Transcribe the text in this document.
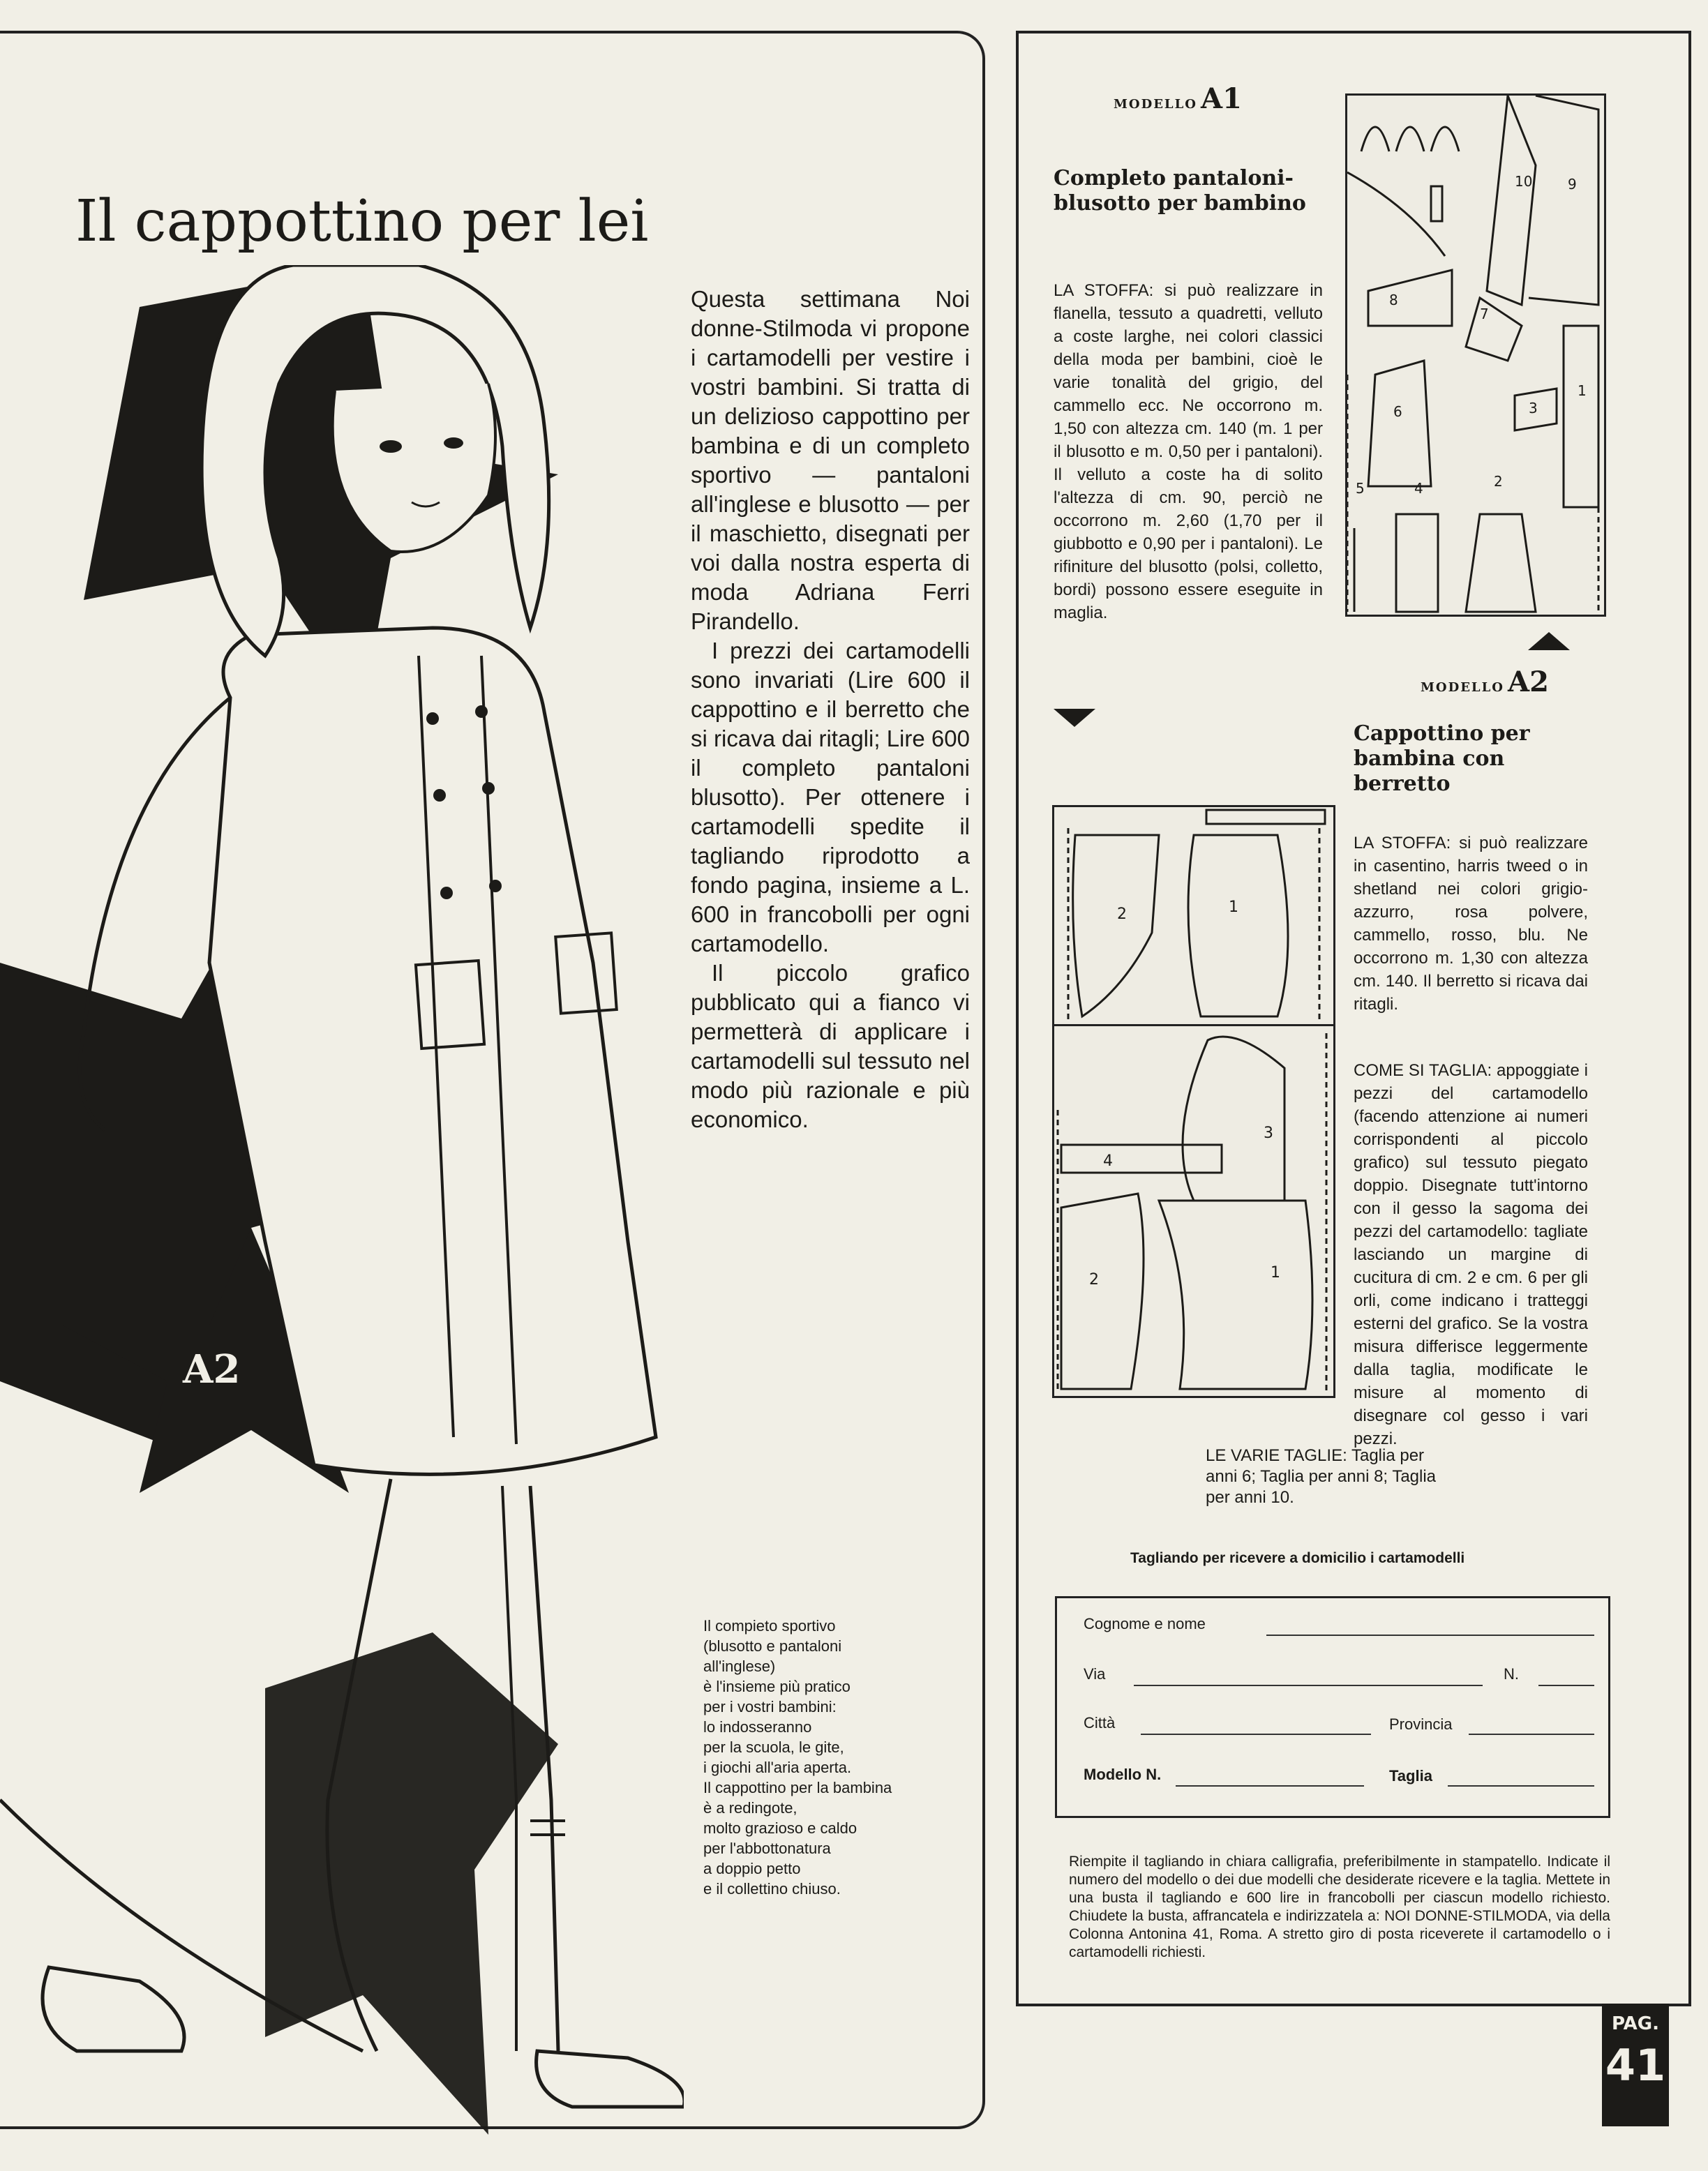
Il cappottino per lei
A2

Questa settimana Noi donne-Stilmoda vi propone i cartamodelli per vestire i vostri bambini. Si tratta di un delizioso cappottino per bambina e di un completo sportivo — pantaloni all'inglese e blusotto — per il maschietto, disegnati per voi dalla nostra esperta di moda Adriana Ferri Pirandello.

I prezzi dei cartamodelli sono invariati (Lire 600 il cappottino e il berretto che si ricava dai ritagli; Lire 600 il completo pantaloni blusotto). Per ottenere i cartamodelli spedite il tagliando riprodotto a fondo pagina, insieme a L. 600 in francobolli per ogni cartamodello.

Il piccolo grafico pubblicato qui a fianco vi permetterà di applicare i cartamodelli sul tessuto nel modo più razionale e più economico.

Il compieto sportivo
(blusotto e pantaloni
all'inglese)
è l'insieme più pratico
per i vostri bambini:
lo indosseranno
per la scuola, le gite,
i giochi all'aria aperta.
Il cappottino per la bambina
è a redingote,
molto grazioso e caldo
per l'abbottonatura
a doppio petto
e il collettino chiuso.
MODELLO A1
Completo pantaloni-blusotto per bambino
LA STOFFA: si può realizzare in flanella, tessuto a quadretti, velluto a coste larghe, nei colori classici della moda per bambini, cioè le varie tonalità del grigio, del cammello ecc. Ne occorrono m. 1,50 con altezza cm. 140 (m. 1 per il blusotto e m. 0,50 per i pantaloni). Il velluto a coste ha di solito l'altezza di cm. 90, perciò ne occorrono m. 2,60 (1,70 per il giubbotto e 0,90 per i pantaloni). Le rifiniture del blusotto (polsi, colletto, bordi) possono essere eseguite in maglia.
10	9
8
7
6	3
1
5	4	2
MODELLO A2
Cappottino per bambina con berretto
LA STOFFA: si può realizzare in casentino, harris tweed o in shetland nei colori grigio-azzurro, rosa polvere, cammello, rosso, blu. Ne occorrono m. 1,30 con altezza cm. 140. Il berretto si ricava dai ritagli.
COME SI TAGLIA: appoggiate i pezzi del cartamodello (facendo attenzione ai numeri corrispondenti al piccolo grafico) sul tessuto piegato doppio. Disegnate tutt'intorno con il gesso la sagoma dei pezzi del cartamodello: tagliate lasciando un margine di cucitura di cm. 2 e cm. 6 per gli orli, come indicano i tratteggi esterni del grafico. Se la vostra misura differisce leggermente dalla taglia, modificate le misure al momento di disegnare col gesso i vari pezzi.
2	1
3
4
2	1
LE VARIE TAGLIE: Taglia per anni 6; Taglia per anni 8; Taglia per anni 10.
Tagliando per ricevere a domicilio i cartamodelli
Cognome e nome
Via	N.
Città	Provincia
Modello N.	Taglia
Riempite il tagliando in chiara calligrafia, preferibilmente in stampatello. Indicate il numero del modello o dei due modelli che desiderate ricevere e la taglia. Mettete in una busta il tagliando e 600 lire in francobolli per ciascun modello richiesto. Chiudete la busta, affrancatela e indirizzatela a: NOI DONNE-STILMODA, via della Colonna Antonina 41, Roma. A stretto giro di posta riceverete il cartamodello o i cartamodelli richiesti.
PAG.
41
